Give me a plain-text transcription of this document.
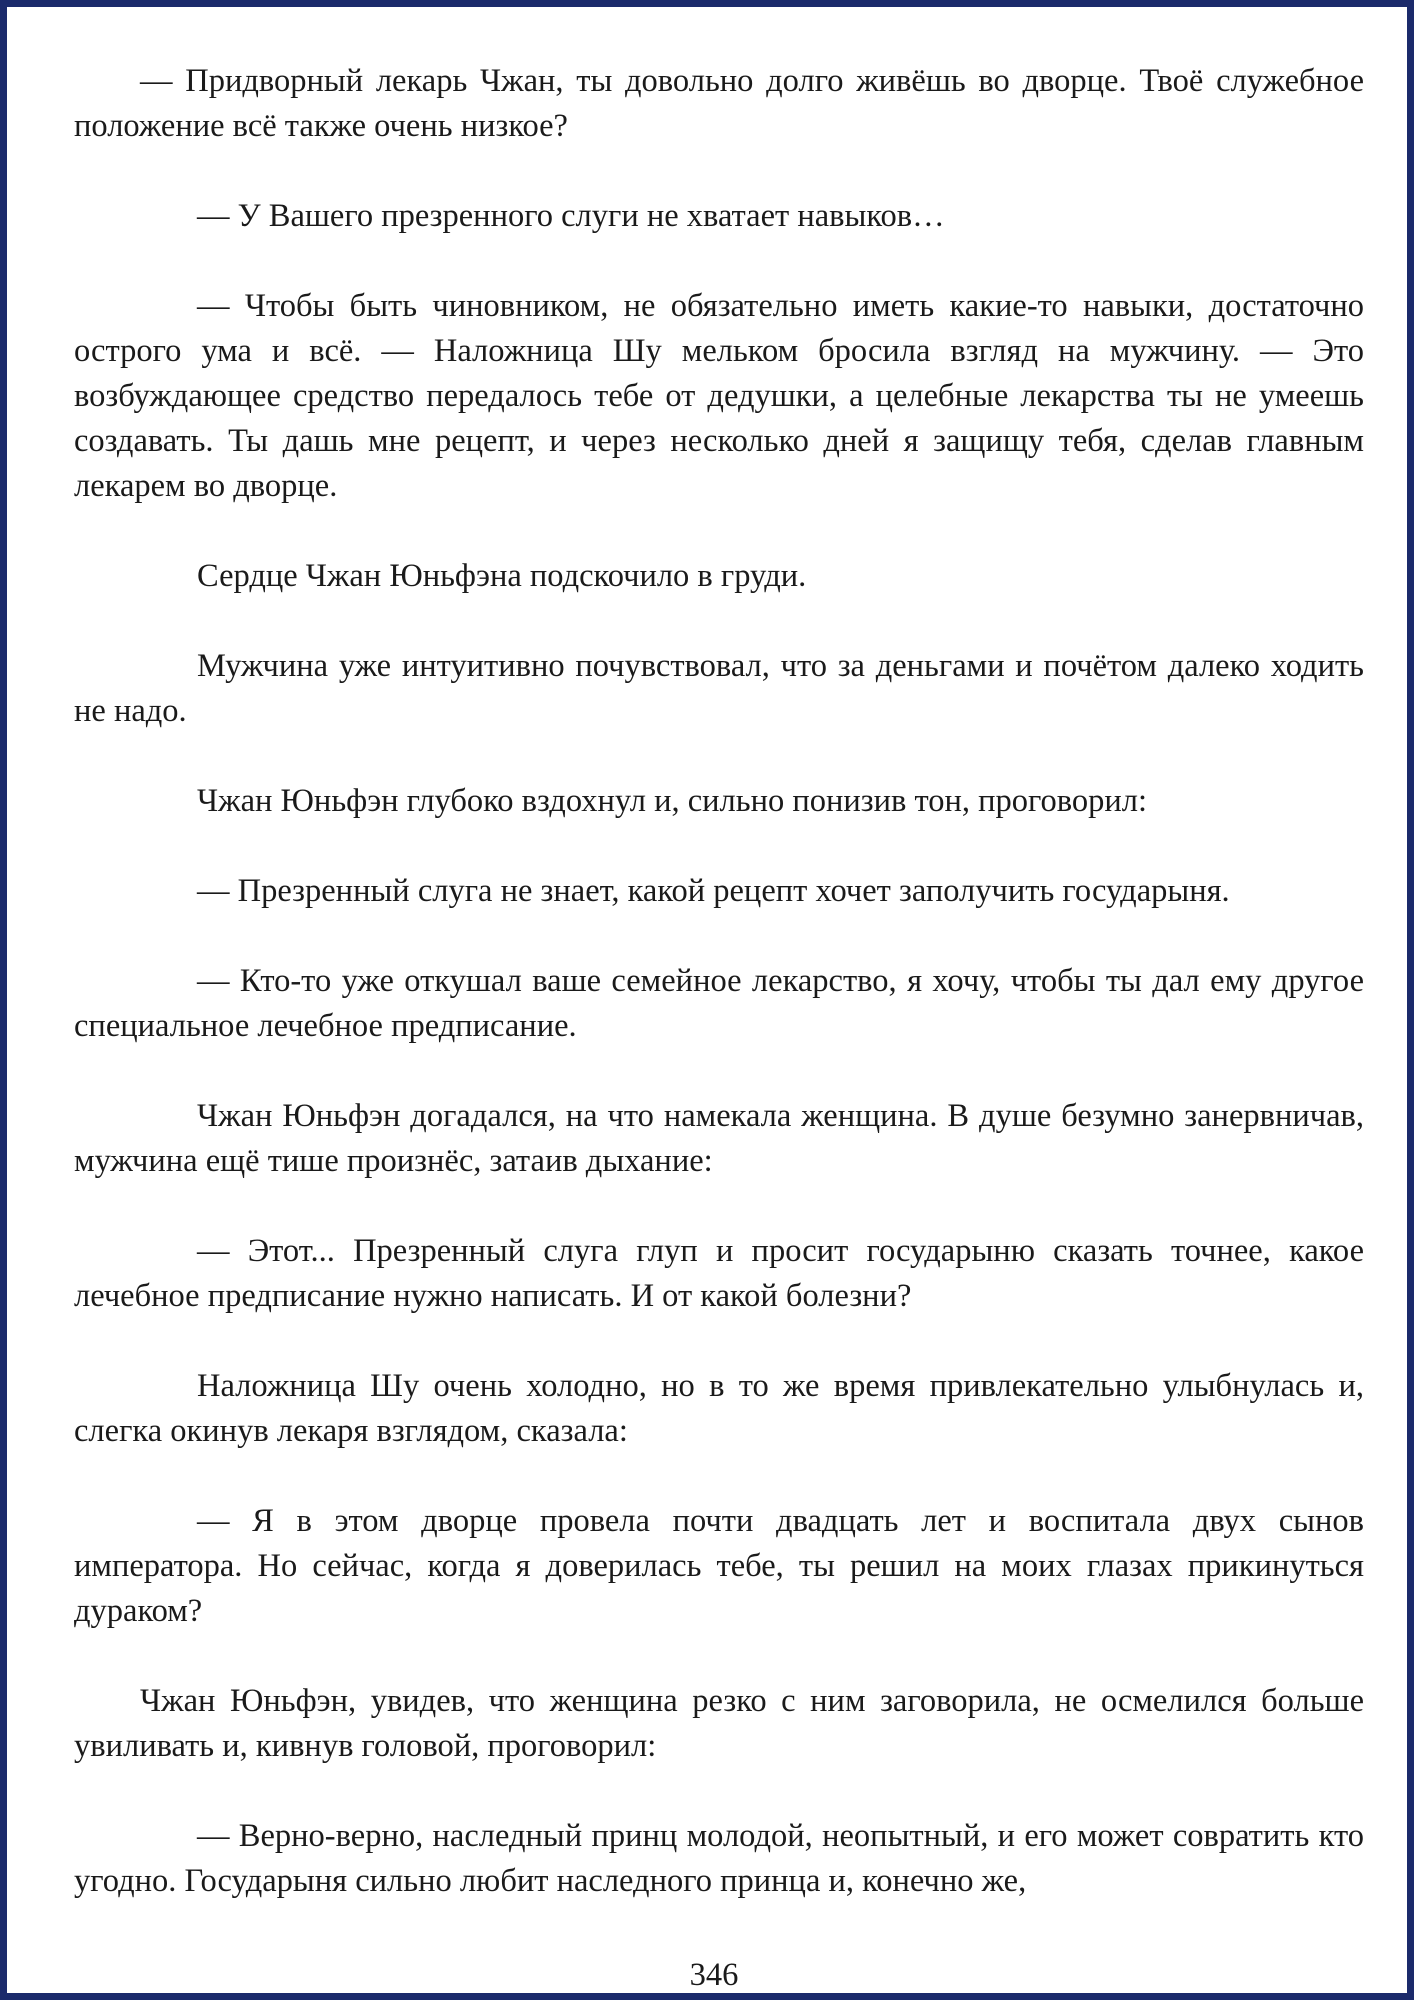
— Придворный лекарь Чжан, ты довольно долго живёшь во дворце. Твоё служебное положение всё также очень низкое?

— У Вашего презренного слуги не хватает навыков…

— Чтобы быть чиновником, не обязательно иметь какие-то навыки, достаточно острого ума и всё. — Наложница Шу мельком бросила взгляд на мужчину. — Это возбуждающее средство передалось тебе от дедушки, а целебные лекарства ты не умеешь создавать. Ты дашь мне рецепт, и через несколько дней я защищу тебя, сделав главным лекарем во дворце.

Сердце Чжан Юньфэна подскочило в груди.

Мужчина уже интуитивно почувствовал, что за деньгами и почётом далеко ходить не надо.

Чжан Юньфэн глубоко вздохнул и, сильно понизив тон, проговорил:

— Презренный слуга не знает, какой рецепт хочет заполучить государыня.

— Кто-то уже откушал ваше семейное лекарство, я хочу, чтобы ты дал ему другое специальное лечебное предписание.

Чжан Юньфэн догадался, на что намекала женщина. В душе безумно занервничав, мужчина ещё тише произнёс, затаив дыхание:

— Этот... Презренный слуга глуп и просит государыню сказать точнее, какое лечебное предписание нужно написать. И от какой болезни?

Наложница Шу очень холодно, но в то же время привлекательно улыбнулась и, слегка окинув лекаря взглядом, сказала:

— Я в этом дворце провела почти двадцать лет и воспитала двух сынов императора. Но сейчас, когда я доверилась тебе, ты решил на моих глазах прикинуться дураком?

Чжан Юньфэн, увидев, что женщина резко с ним заговорила, не осмелился больше увиливать и, кивнув головой, проговорил:

— Верно-верно, наследный принц молодой, неопытный, и его может совратить кто угодно. Государыня сильно любит наследного принца и, конечно же,

346
